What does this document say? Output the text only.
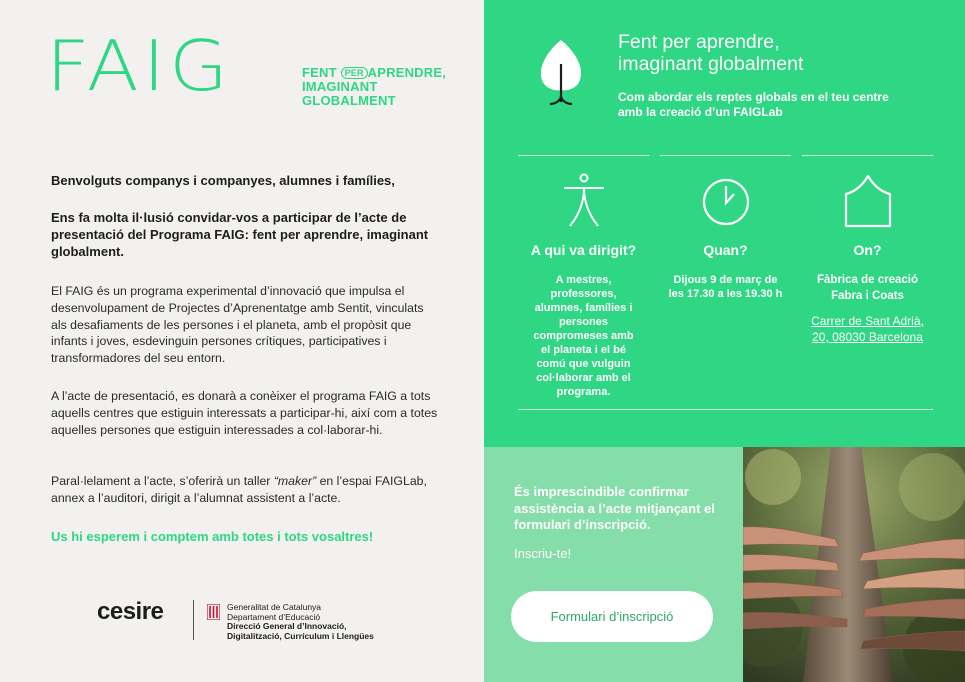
FAIG	FENT PER APRENDRE,
IMAGINANT
GLOBALMENT
Benvolguts companys i companyes, alumnes i famílies,
Ens fa molta il·lusió convidar-vos a participar de l’acte de presentació del Programa FAIG: fent per aprendre, imaginant globalment.
El FAIG és un programa experimental d’innovació que impulsa el desenvolupament de Projectes d’Aprenentatge amb Sentit, vinculats als desafiaments de les persones i el planeta, amb el propòsit que infants i joves, esdevinguin persones crítiques, participatives i transformadores del seu entorn.
A l’acte de presentació, es donarà a conèixer el programa FAIG a tots aquells centres que estiguin interessats a participar-hi, així com a totes aquelles persones que estiguin interessades a col·laborar-hi.
Paral·lelament a l’acte, s’oferirà un taller “maker” en l’espai FAIGLab, annex a l’auditori, dirigit a l’alumnat assistent a l’acte.
Us hi esperem i comptem amb totes i tots vosaltres!
cesire	Generalitat de Catalunya
Departament d’Educació
Direcció General d’Innovació,
Digitalització, Currículum i Llengües
Fent per aprendre,
imaginant globalment
Com abordar els reptes globals en el teu centre
amb la creació d’un FAIGLab
A qui va dirigit?
A mestres, professores, alumnes, famílies i persones compromeses amb el planeta i el bé comú que vulguin col·laborar amb el programa.
Quan?
Dijous 9 de març de les 17.30 a les 19.30 h
On?
Fàbrica de creació
Fabra i Coats
Carrer de Sant Adrià,
20, 08030 Barcelona
És imprescindible confirmar assistència a l’acte mitjançant el formulari d’inscripció.
Inscriu-te!
Formulari d’inscripció
